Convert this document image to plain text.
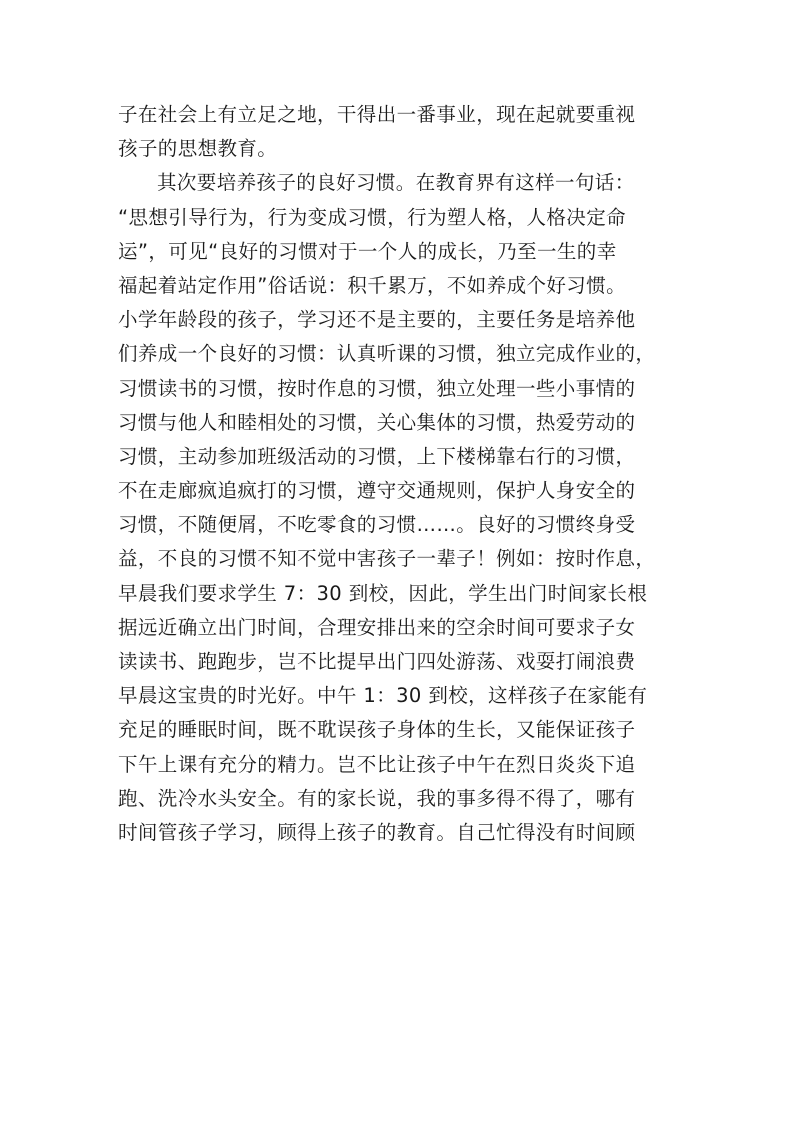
子在社会上有立足之地，干得出一番事业，现在起就要重视
孩子的思想教育。
其次要培养孩子的良好习惯。在教育界有这样一句话：
“思想引导行为，行为变成习惯，行为塑人格，人格决定命
运”，可见“良好的习惯对于一个人的成长，乃至一生的幸
福起着站定作用”俗话说：积千累万，不如养成个好习惯。
小学年龄段的孩子，学习还不是主要的，主要任务是培养他
们养成一个良好的习惯：认真听课的习惯，独立完成作业的，
习惯读书的习惯，按时作息的习惯，独立处理一些小事情的
习惯与他人和睦相处的习惯，关心集体的习惯，热爱劳动的
习惯，主动参加班级活动的习惯，上下楼梯靠右行的习惯，
不在走廊疯追疯打的习惯，遵守交通规则，保护人身安全的
习惯，不随便屑，不吃零食的习惯……。良好的习惯终身受
益，不良的习惯不知不觉中害孩子一辈子！例如：按时作息，
早晨我们要求学生 7：30 到校，因此，学生出门时间家长根
据远近确立出门时间，合理安排出来的空余时间可要求子女
读读书、跑跑步，岂不比提早出门四处游荡、戏耍打闹浪费
早晨这宝贵的时光好。中午 1：30 到校，这样孩子在家能有
充足的睡眠时间，既不耽误孩子身体的生长，又能保证孩子
下午上课有充分的精力。岂不比让孩子中午在烈日炎炎下追
跑、洗冷水头安全。有的家长说，我的事多得不得了，哪有
时间管孩子学习，顾得上孩子的教育。自己忙得没有时间顾
